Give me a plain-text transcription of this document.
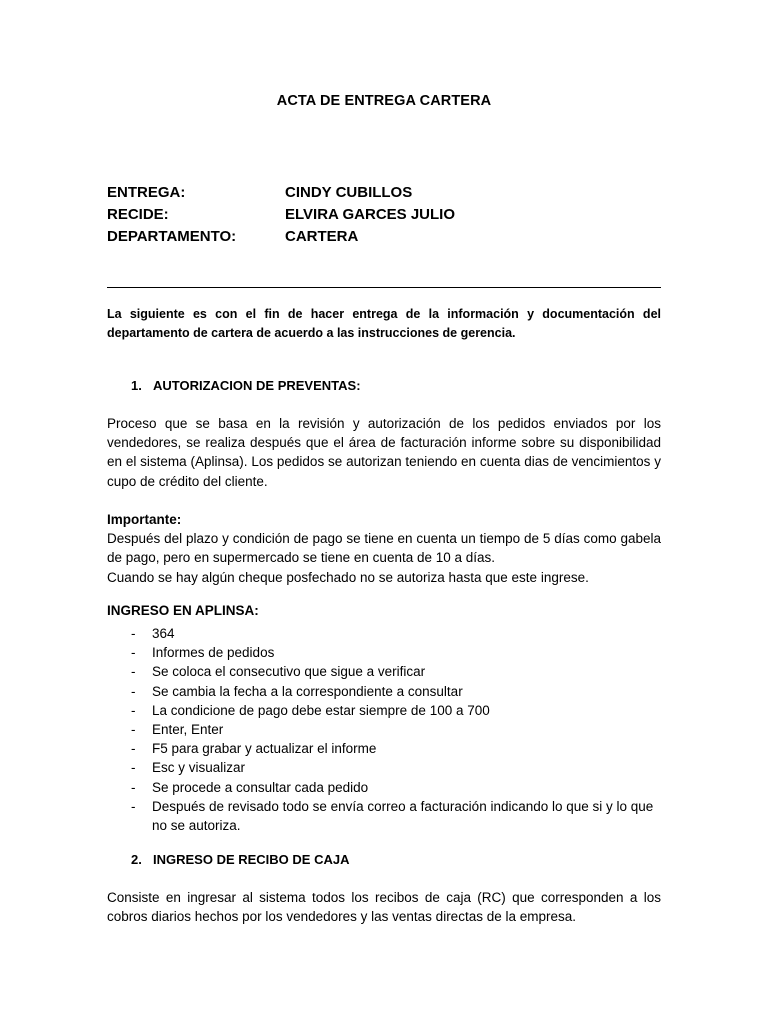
ACTA DE ENTREGA CARTERA
ENTREGA:	CINDY CUBILLOS
RECIDE:	ELVIRA GARCES JULIO
DEPARTAMENTO:	CARTERA
La siguiente es con el fin de hacer entrega de la información y documentación del departamento de cartera de acuerdo a las instrucciones de gerencia.
1. AUTORIZACION DE PREVENTAS:
Proceso que se basa en la revisión y autorización de los pedidos enviados por los vendedores, se realiza después que el área de facturación informe sobre su disponibilidad en el sistema (Aplinsa). Los pedidos se autorizan teniendo en cuenta dias de vencimientos y cupo de crédito del cliente.
Importante:
Después del plazo y condición de pago se tiene en cuenta un tiempo de 5 días como gabela de pago, pero en supermercado se tiene en cuenta de 10 a días.
Cuando se hay algún cheque posfechado no se autoriza hasta que este ingrese.
INGRESO EN APLINSA:
-	364
-	Informes de pedidos
-	Se coloca el consecutivo que sigue a verificar
-	Se cambia la fecha a la correspondiente a consultar
-	La condicione de pago debe estar siempre de 100 a 700
-	Enter, Enter
-	F5 para grabar y actualizar el informe
-	Esc y visualizar
-	Se procede a consultar cada pedido
-	Después de revisado todo se envía correo a facturación indicando lo que si y lo que no se autoriza.
2. INGRESO DE RECIBO DE CAJA
Consiste en ingresar al sistema todos los recibos de caja (RC) que corresponden a los cobros diarios hechos por los vendedores y las ventas directas de la empresa.
